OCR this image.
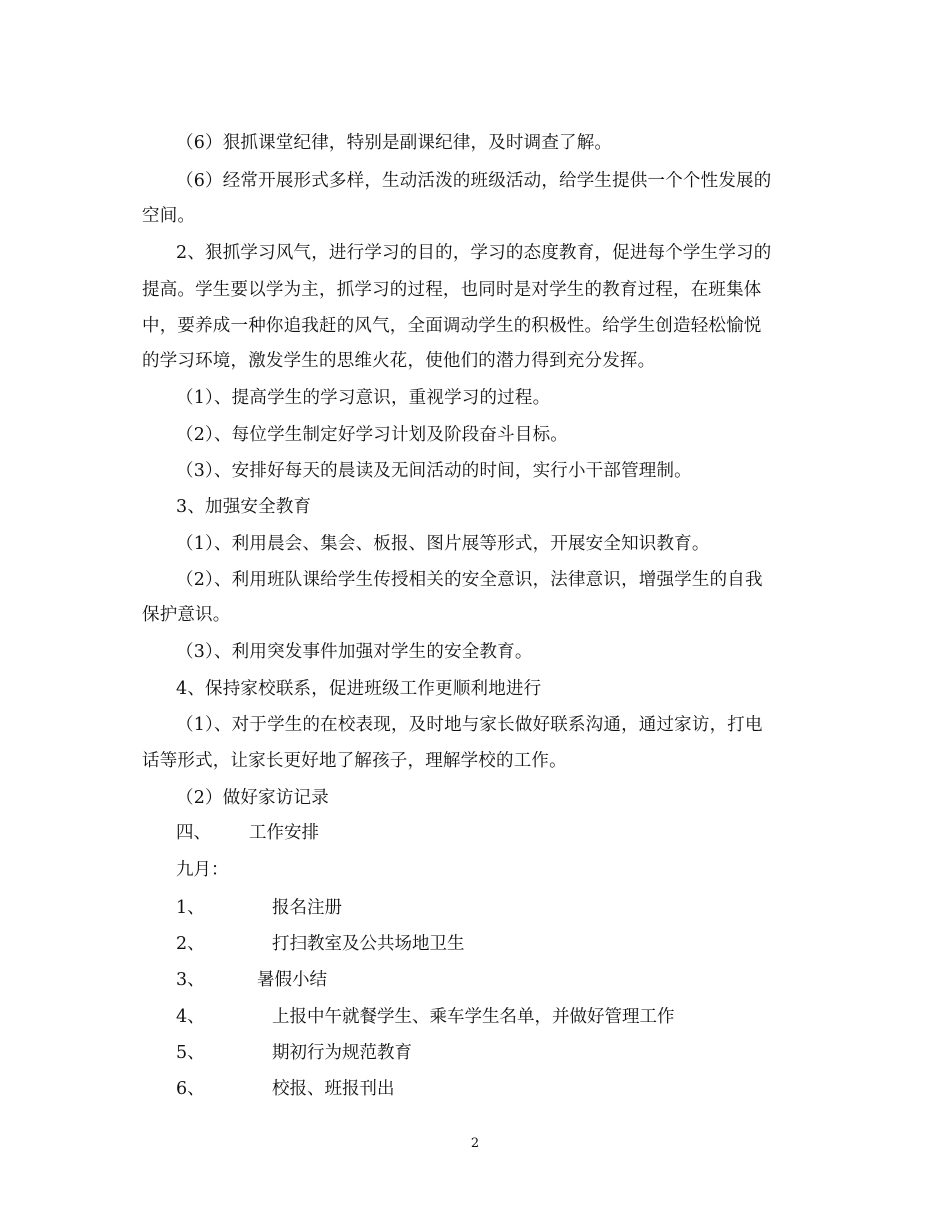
（6）狠抓课堂纪律，特别是副课纪律，及时调查了解。
（6）经常开展形式多样，生动活泼的班级活动，给学生提供一个个性发展的
空间。
2、狠抓学习风气，进行学习的目的，学习的态度教育，促进每个学生学习的
提高。学生要以学为主，抓学习的过程，也同时是对学生的教育过程，在班集体
中，要养成一种你追我赶的风气，全面调动学生的积极性。给学生创造轻松愉悦
的学习环境，激发学生的思维火花，使他们的潜力得到充分发挥。
（1）、提高学生的学习意识，重视学习的过程。
（2）、每位学生制定好学习计划及阶段奋斗目标。
（3）、安排好每天的晨读及无间活动的时间，实行小干部管理制。
3、加强安全教育
（1）、利用晨会、集会、板报、图片展等形式，开展安全知识教育。
（2）、利用班队课给学生传授相关的安全意识，法律意识，增强学生的自我
保护意识。
（3）、利用突发事件加强对学生的安全教育。
4、保持家校联系，促进班级工作更顺利地进行
（1）、对于学生的在校表现，及时地与家长做好联系沟通，通过家访，打电
话等形式，让家长更好地了解孩子，理解学校的工作。
（2）做好家访记录
四、 工作安排
九月：
1、	报名注册
2、	打扫教室及公共场地卫生
3、	暑假小结
4、	上报中午就餐学生、乘车学生名单，并做好管理工作
5、	期初行为规范教育
6、	校报、班报刊出
2
